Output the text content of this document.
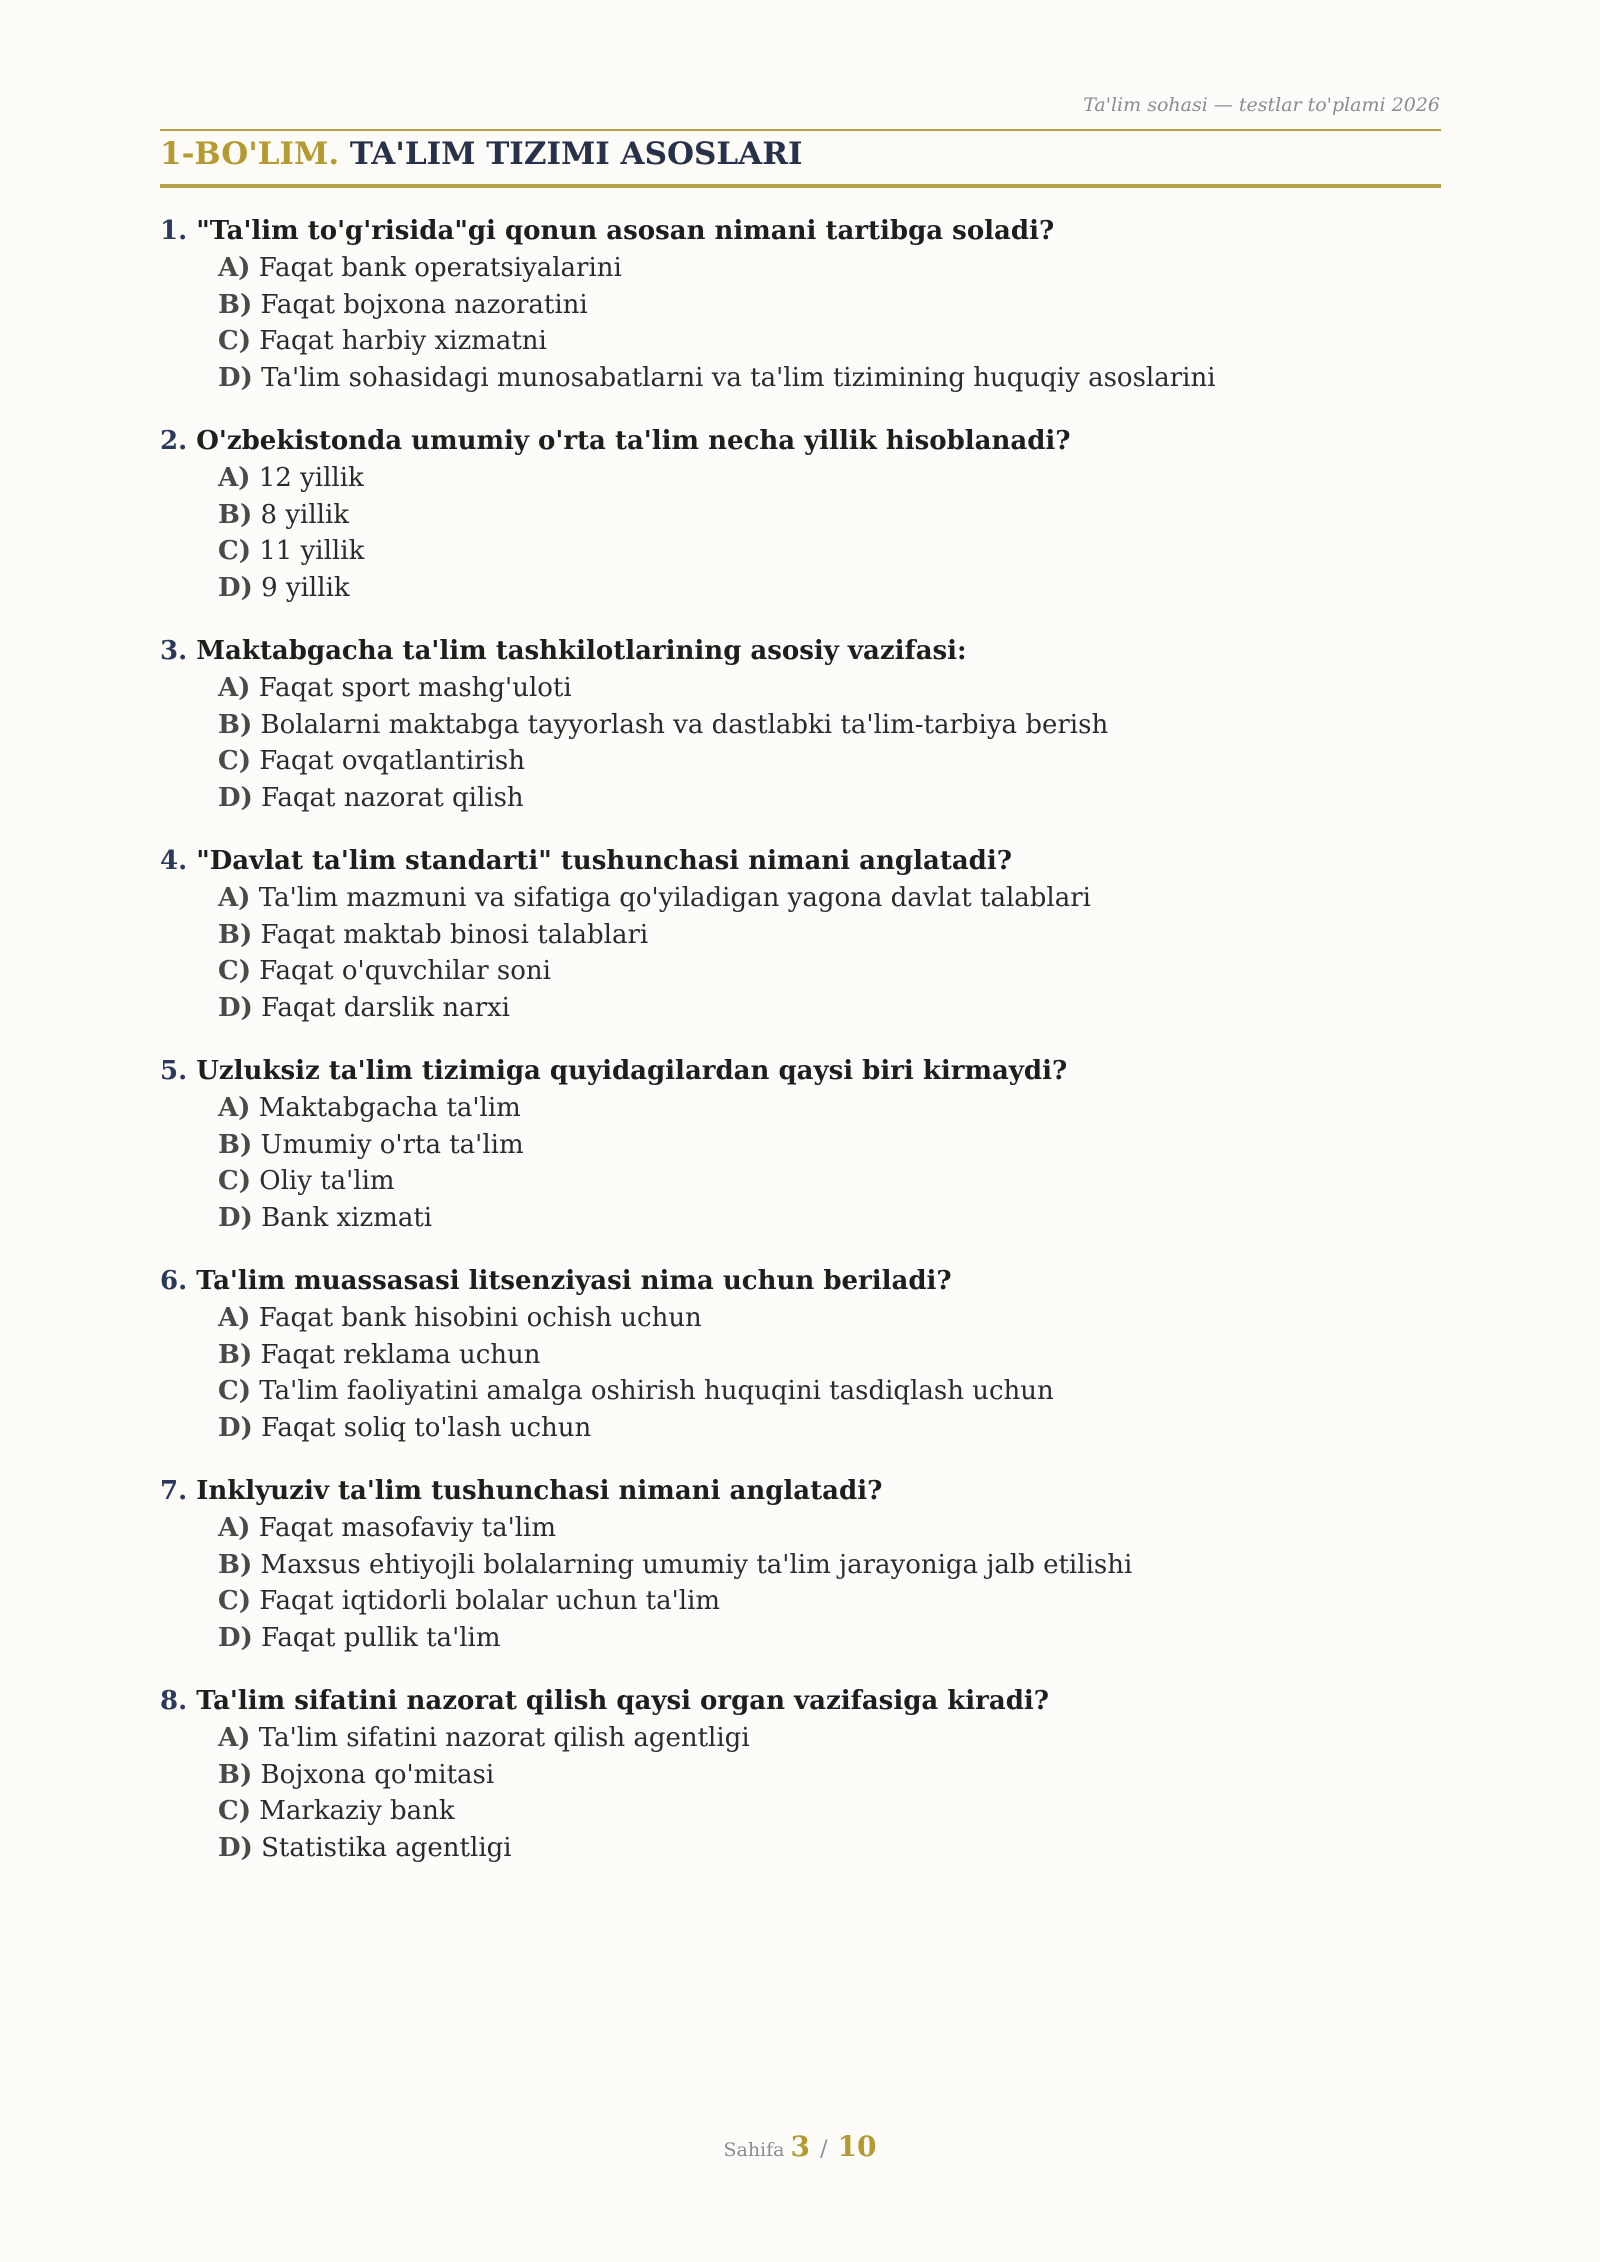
Ta'lim sohasi — testlar to'plami 2026
1-BO'LIM. TA'LIM TIZIMI ASOSLARI
1. "Ta'lim to'g'risida"gi qonun asosan nimani tartibga soladi?
A) Faqat bank operatsiyalarini
B) Faqat bojxona nazoratini
C) Faqat harbiy xizmatni
D) Ta'lim sohasidagi munosabatlarni va ta'lim tizimining huquqiy asoslarini
2. O'zbekistonda umumiy o'rta ta'lim necha yillik hisoblanadi?
A) 12 yillik
B) 8 yillik
C) 11 yillik
D) 9 yillik
3. Maktabgacha ta'lim tashkilotlarining asosiy vazifasi:
A) Faqat sport mashg'uloti
B) Bolalarni maktabga tayyorlash va dastlabki ta'lim-tarbiya berish
C) Faqat ovqatlantirish
D) Faqat nazorat qilish
4. "Davlat ta'lim standarti" tushunchasi nimani anglatadi?
A) Ta'lim mazmuni va sifatiga qo'yiladigan yagona davlat talablari
B) Faqat maktab binosi talablari
C) Faqat o'quvchilar soni
D) Faqat darslik narxi
5. Uzluksiz ta'lim tizimiga quyidagilardan qaysi biri kirmaydi?
A) Maktabgacha ta'lim
B) Umumiy o'rta ta'lim
C) Oliy ta'lim
D) Bank xizmati
6. Ta'lim muassasasi litsenziyasi nima uchun beriladi?
A) Faqat bank hisobini ochish uchun
B) Faqat reklama uchun
C) Ta'lim faoliyatini amalga oshirish huquqini tasdiqlash uchun
D) Faqat soliq to'lash uchun
7. Inklyuziv ta'lim tushunchasi nimani anglatadi?
A) Faqat masofaviy ta'lim
B) Maxsus ehtiyojli bolalarning umumiy ta'lim jarayoniga jalb etilishi
C) Faqat iqtidorli bolalar uchun ta'lim
D) Faqat pullik ta'lim
8. Ta'lim sifatini nazorat qilish qaysi organ vazifasiga kiradi?
A) Ta'lim sifatini nazorat qilish agentligi
B) Bojxona qo'mitasi
C) Markaziy bank
D) Statistika agentligi
Sahifa 3 / 10
